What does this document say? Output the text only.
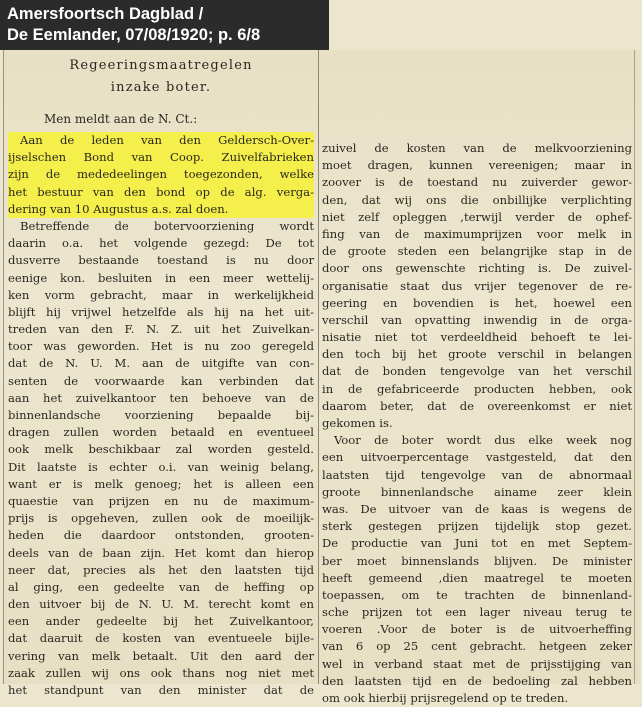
Amersfoortsch Dagblad /
De Eemlander, 07/08/1920; p. 6/8
Regeeringsmaatregelen
inzake boter.
Men meldt aan de N. Ct.:
Aan de leden van den Geldersch-Over-
ijselschen Bond van Coop. Zuivelfabrieken
zijn de mededeelingen toegezonden, welke
het bestuur van den bond op de alg. verga-
dering van 10 Augustus a.s. zal doen.
Betreffende de botervoorziening wordt
daarin o.a. het volgende gezegd: De tot
dusverre bestaande toestand is nu door
eenige kon. besluiten in een meer wettelij-
ken vorm gebracht, maar in werkelijkheid
blijft hij vrijwel hetzelfde als hij na het uit-
treden van den F. N. Z. uit het Zuivelkan-
toor was geworden. Het is nu zoo geregeld
dat de N. U. M. aan de uitgifte van con-
senten de voorwaarde kan verbinden dat
aan het zuivelkantoor ten behoeve van de
binnenlandsche voorziening bepaalde bij-
dragen zullen worden betaald en eventueel
ook melk beschikbaar zal worden gesteld.
Dit laatste is echter o.i. van weinig belang,
want er is melk genoeg; het is alleen een
quaestie van prijzen en nu de maximum-
prijs is opgeheven, zullen ook de moeilijk-
heden die daardoor ontstonden, grooten-
deels van de baan zijn. Het komt dan hierop
neer dat, precies als het den laatsten tijd
al ging, een gedeelte van de heffing op
den uitvoer bij de N. U. M. terecht komt en
een ander gedeelte bij het Zuivelkantoor,
dat daaruit de kosten van eventueele bijle-
vering van melk betaalt. Uit den aard der
zaak zullen wij ons ook thans nog niet met
het standpunt van den minister dat de
zuivel de kosten van de melkvoorziening
moet dragen, kunnen vereenigen; maar in
zoover is de toestand nu zuiverder gewor-
den, dat wij ons die onbillijke verplichting
niet zelf opleggen ,terwijl verder de ophef-
fing van de maximumprijzen voor melk in
de groote steden een belangrijke stap in de
door ons gewenschte richting is. De zuivel-
organisatie staat dus vrijer tegenover de re-
geering en bovendien is het, hoewel een
verschil van opvatting inwendig in de orga-
nisatie niet tot verdeeldheid behoeft te lei-
den toch bij het groote verschil in belangen
dat de bonden tengevolge van het verschil
in de gefabriceerde producten hebben, ook
daarom beter, dat de overeenkomst er niet
gekomen is.
Voor de boter wordt dus elke week nog
een uitvoerpercentage vastgesteld, dat den
laatsten tijd tengevolge van de abnormaal
groote binnenlandsche ainame zeer klein
was. De uitvoer van de kaas is wegens de
sterk gestegen prijzen tijdelijk stop gezet.
De productie van Juni tot en met Septem-
ber moet binnenslands blijven. De minister
heeft gemeend ,dien maatregel te moeten
toepassen, om te trachten de binnenland-
sche prijzen tot een lager niveau terug te
voeren .Voor de boter is de uitvoerheffing
van 6 op 25 cent gebracht. hetgeen zeker
wel in verband staat met de prijsstijging van
den laatsten tijd en de bedoeling zal hebben
om ook hierbij prijsregelend op te treden.
